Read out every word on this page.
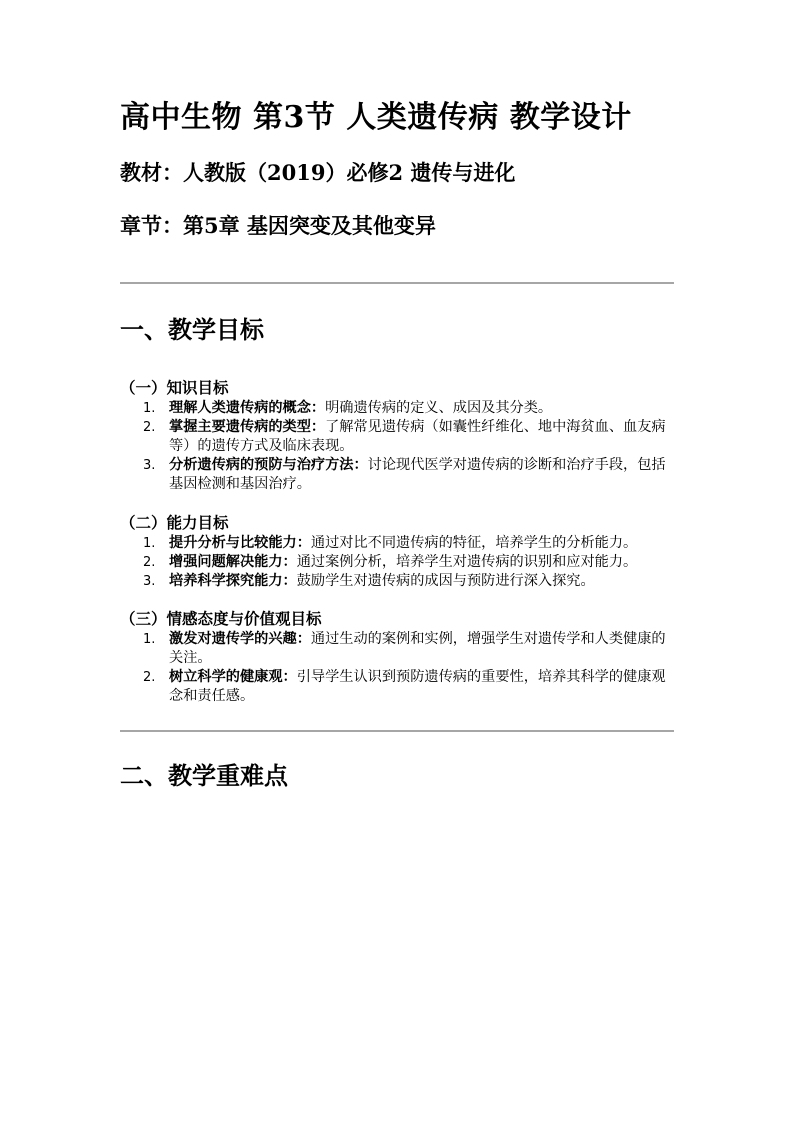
高中生物 第3节 人类遗传病 教学设计

教材：人教版（2019）必修2 遗传与进化

章节：第5章 基因突变及其他变异

一、教学目标
（一）知识目标
1. 理解人类遗传病的概念：明确遗传病的定义、成因及其分类。
2. 掌握主要遗传病的类型：了解常见遗传病（如囊性纤维化、地中海贫血、血友病等）的遗传方式及临床表现。
3. 分析遗传病的预防与治疗方法：讨论现代医学对遗传病的诊断和治疗手段，包括基因检测和基因治疗。
（二）能力目标
1. 提升分析与比较能力：通过对比不同遗传病的特征，培养学生的分析能力。
2. 增强问题解决能力：通过案例分析，培养学生对遗传病的识别和应对能力。
3. 培养科学探究能力：鼓励学生对遗传病的成因与预防进行深入探究。
（三）情感态度与价值观目标
1. 激发对遗传学的兴趣：通过生动的案例和实例，增强学生对遗传学和人类健康的关注。
2. 树立科学的健康观：引导学生认识到预防遗传病的重要性，培养其科学的健康观念和责任感。
二、教学重难点
